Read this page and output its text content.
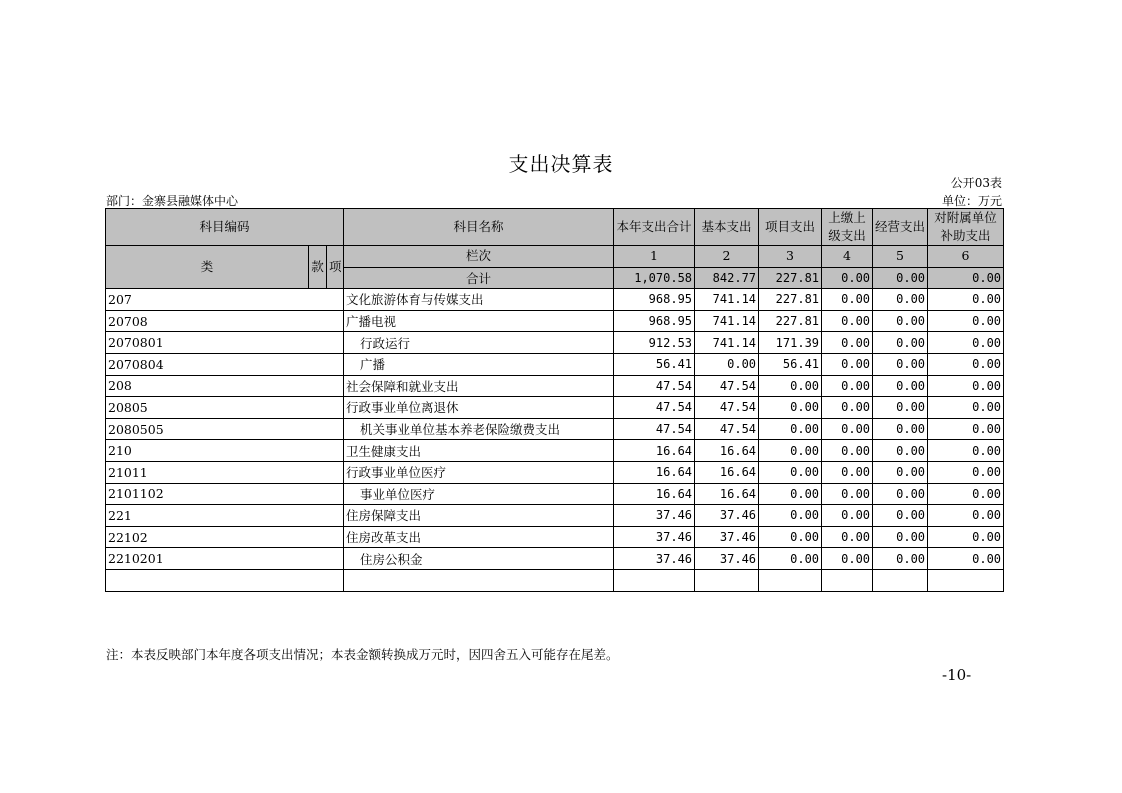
支出决算表
公开03表
部门：金寨县融媒体中心	单位：万元
科目编码			科目名称	本年支出合计	基本支出	项目支出	上缴上级支出	经营支出	对附属单位补助支出
类	款	项	栏次	1	2	3	4	5	6
			合计	1,070.58	842.77	227.81	0.00	0.00	0.00
207			文化旅游体育与传媒支出	968.95	741.14	227.81	0.00	0.00	0.00
20708			广播电视	968.95	741.14	227.81	0.00	0.00	0.00
2070801			行政运行	912.53	741.14	171.39	0.00	0.00	0.00
2070804			广播	56.41	0.00	56.41	0.00	0.00	0.00
208			社会保障和就业支出	47.54	47.54	0.00	0.00	0.00	0.00
20805			行政事业单位离退休	47.54	47.54	0.00	0.00	0.00	0.00
2080505			机关事业单位基本养老保险缴费支出	47.54	47.54	0.00	0.00	0.00	0.00
210			卫生健康支出	16.64	16.64	0.00	0.00	0.00	0.00
21011			行政事业单位医疗	16.64	16.64	0.00	0.00	0.00	0.00
2101102			事业单位医疗	16.64	16.64	0.00	0.00	0.00	0.00
221			住房保障支出	37.46	37.46	0.00	0.00	0.00	0.00
22102			住房改革支出	37.46	37.46	0.00	0.00	0.00	0.00
2210201			住房公积金	37.46	37.46	0.00	0.00	0.00	0.00

注：本表反映部门本年度各项支出情况；本表金额转换成万元时，因四舍五入可能存在尾差。
-10-
